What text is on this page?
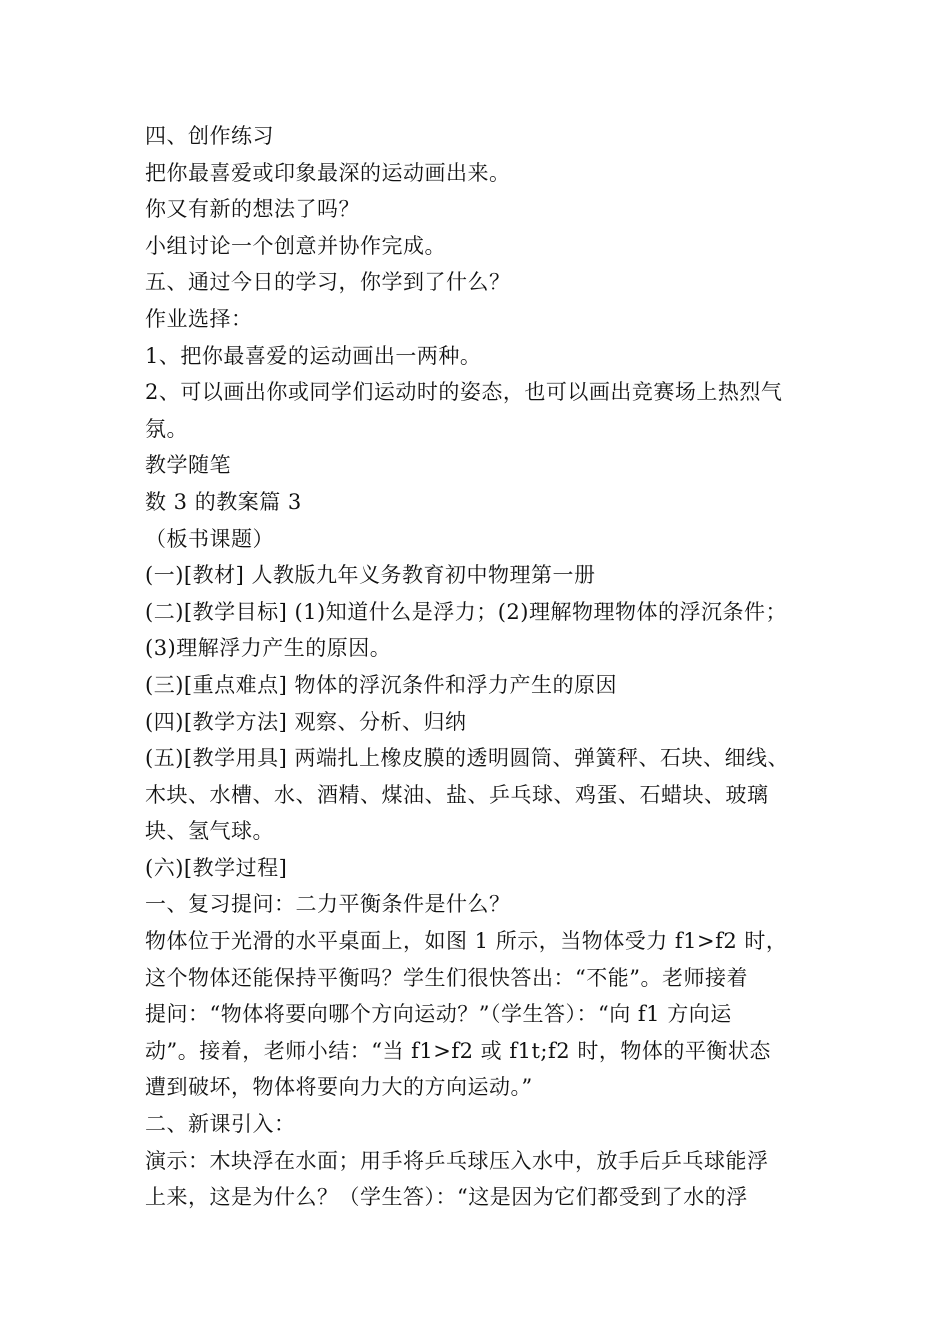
四、创作练习
把你最喜爱或印象最深的运动画出来。
你又有新的想法了吗？
小组讨论一个创意并协作完成。
五、通过今日的学习，你学到了什么？
作业选择：
1、把你最喜爱的运动画出一两种。
2、可以画出你或同学们运动时的姿态，也可以画出竞赛场上热烈气
氛。
教学随笔
数 3 的教案篇 3
（板书课题）
(一)[教材] 人教版九年义务教育初中物理第一册
(二)[教学目标] (1)知道什么是浮力；(2)理解物理物体的浮沉条件；
(3)理解浮力产生的原因。
(三)[重点难点] 物体的浮沉条件和浮力产生的原因
(四)[教学方法] 观察、分析、归纳
(五)[教学用具] 两端扎上橡皮膜的透明圆筒、弹簧秤、石块、细线、
木块、水槽、水、酒精、煤油、盐、乒乓球、鸡蛋、石蜡块、玻璃
块、氢气球。
(六)[教学过程]
一、复习提问：二力平衡条件是什么？
物体位于光滑的水平桌面上，如图 1 所示，当物体受力 f1>f2 时，
这个物体还能保持平衡吗？学生们很快答出：“不能”。老师接着
提问：“物体将要向哪个方向运动？”（学生答）：“向 f1 方向运
动”。接着，老师小结：“当 f1>f2 或 f1t;f2 时，物体的平衡状态
遭到破坏，物体将要向力大的方向运动。”
二、新课引入：
演示：木块浮在水面；用手将乒乓球压入水中，放手后乒乓球能浮
上来，这是为什么？（学生答）：“这是因为它们都受到了水的浮
